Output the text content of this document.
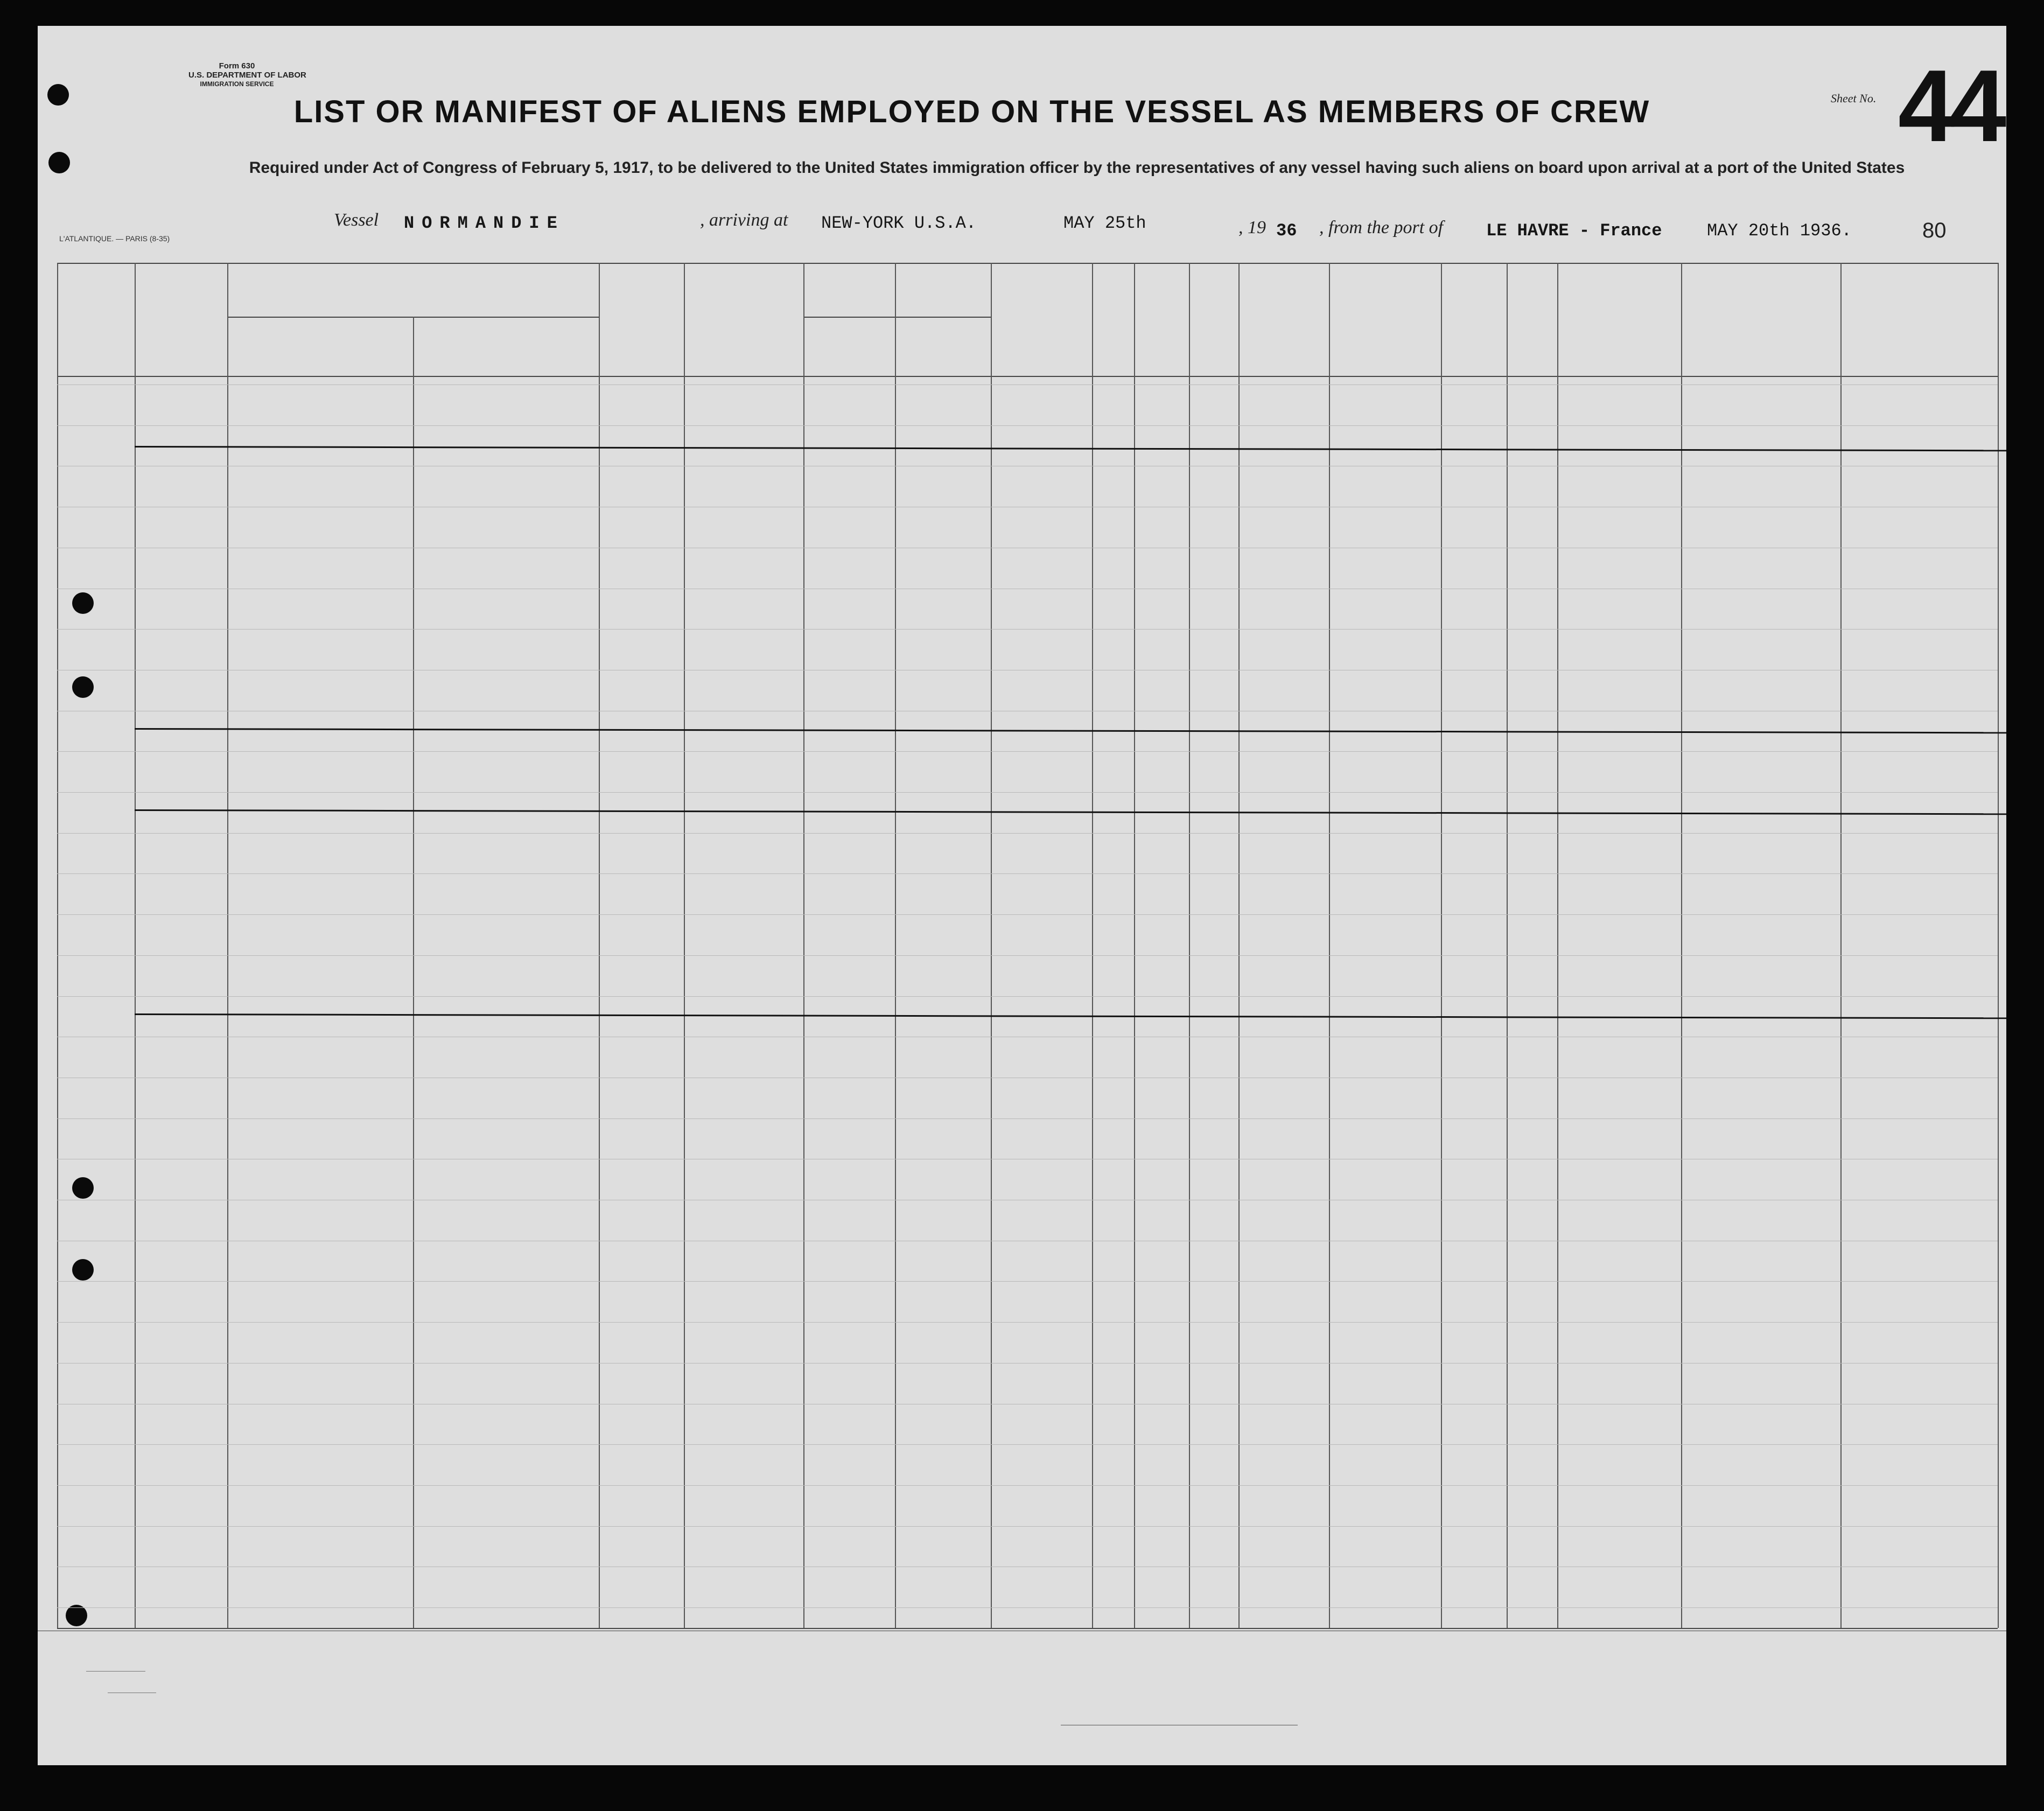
Form 630
U.S. DEPARTMENT OF LABOR
IMMIGRATION SERVICE
LIST OR MANIFEST OF ALIENS EMPLOYED ON THE VESSEL AS MEMBERS OF CREW	Sheet No. 44
Required under Act of Congress of February 5, 1917, to be delivered to the United States immigration officer by the representatives of any vessel having such aliens on board upon arrival at a port of the United States
Vessel NORMANDIE	, arriving at NEW-YORK U.S.A.	MAY 25th	, 19 36 , from the port of LE HAVRE - France	MAY 20th 1936.	80
L'ATLANTIQUE. — PARIS (8-35)
